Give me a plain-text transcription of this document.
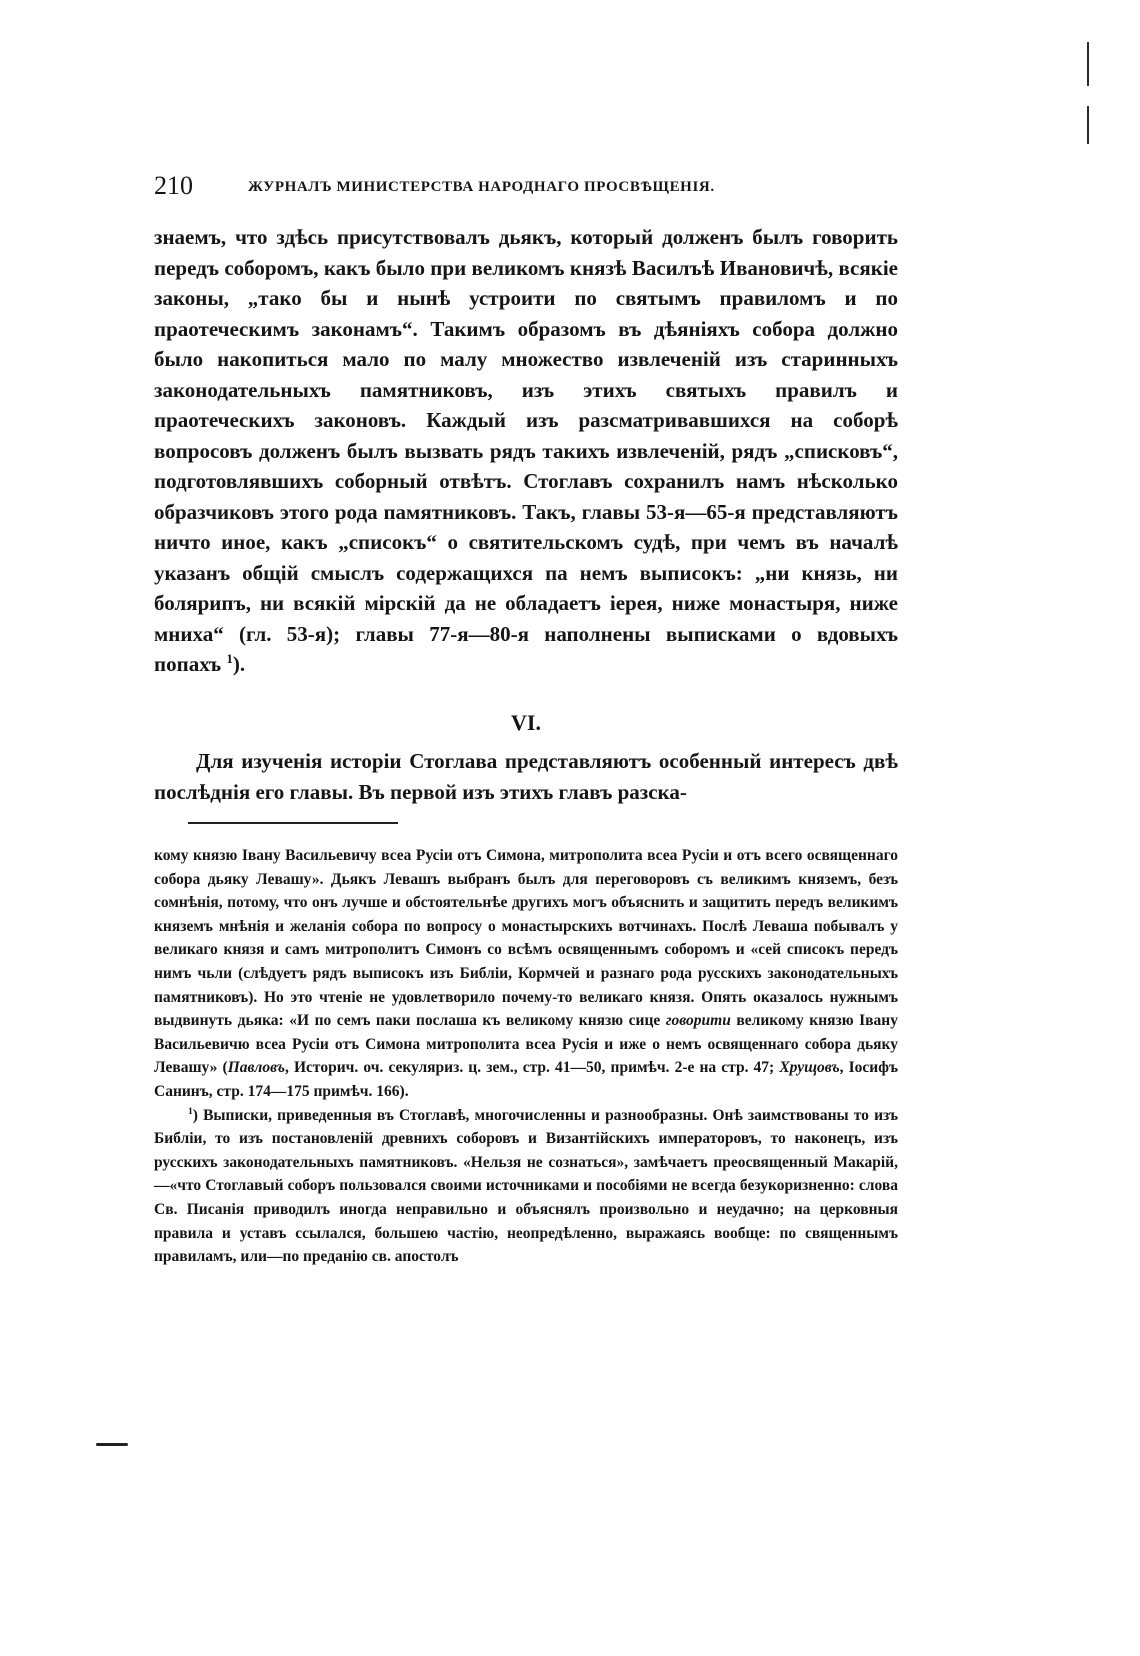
210	ЖУРНАЛЪ МИНИСТЕРСТВА НАРОДНАГО ПРОСВѢЩЕНІЯ.

знаемъ, что здѣсь присутствовалъ дьякъ, который долженъ былъ говорить передъ соборомъ, какъ было при великомъ князѣ Василъѣ Ивановичѣ, всякіе законы, „тако бы и нынѣ устроити по святымъ правиломъ и по праотеческимъ законамъ“. Такимъ образомъ въ дѣяніяхъ собора должно было накопиться мало по малу множество извлеченій изъ старинныхъ законодательныхъ памятниковъ, изъ этихъ святыхъ правилъ и праотеческихъ законовъ. Каждый изъ разсматривавшихся на соборѣ вопросовъ долженъ былъ вызвать рядъ такихъ извлеченій, рядъ „списковъ“, подготовлявшихъ соборный отвѣтъ. Стоглавъ сохранилъ намъ нѣсколько образчиковъ этого рода памятниковъ. Такъ, главы 53-я—65-я представляютъ ничто иное, какъ „списокъ“ о святительскомъ судѣ, при чемъ въ началѣ указанъ общій смыслъ содержащихся па немъ выписокъ: „ни князь, ни болярипъ, ни всякій мірскій да не обладаетъ іерея, ниже монастыря, ниже мниха“ (гл. 53-я); главы 77-я—80-я наполнены выписками о вдовыхъ попахъ $^1$).

VI.

Для изученія исторіи Стоглава представляютъ особенный интересъ двѣ послѣднія его главы. Въ первой изъ этихъ главъ разска-

кому князю Івану Васильевичу всеа Русіи отъ Симона, митрополита всеа Русіи и отъ всего освященнаго собора дьяку Левашу». Дьякъ Левашъ выбранъ былъ для переговоровъ съ великимъ княземъ, безъ сомнѣнія, потому, что онъ лучше и обстоятельнѣе другихъ могъ объяснить и защитить передъ великимъ княземъ мнѣнія и желанія собора по вопросу о монастырскихъ вотчинахъ. Послѣ Леваша побывалъ у великаго князя и самъ митрополитъ Симонъ со всѣмъ освященнымъ соборомъ и «сей списокъ передъ нимъ чьли (слѣдуетъ рядъ выписокъ изъ Библіи, Кормчей и разнаго рода русскихъ законодательныхъ памятниковъ). Но это чтеніе не удовлетворило почему-то великаго князя. Опять оказалось нужнымъ выдвинуть дьяка: «И по семъ паки послаша къ великому князю сице говорити великому князю Івану Васильевичю всеа Русіи отъ Симона митрополита всеа Русія и иже о немъ освященнаго собора дьяку Левашу» (Павловъ, Историч. оч. секуляриз. ц. зем., стр. 41—50, примѣч. 2-е на стр. 47; Хрущовъ, Іосифъ Санинъ, стр. 174—175 примѣч. 166).

$^1$) Выписки, приведенныя въ Стоглавѣ, многочисленны и разнообразны. Онѣ заимствованы то изъ Библіи, то изъ постановленій древнихъ соборовъ и Византійскихъ императоровъ, то наконецъ, изъ русскихъ законодательныхъ памятниковъ. «Нельзя не сознаться», замѣчаетъ преосвященный Макарій,—«что Стоглавый соборъ пользовался своими источниками и пособіями не всегда безукоризненно: слова Св. Писанія приводилъ иногда неправильно и объяснялъ произвольно и неудачно; на церковныя правила и уставъ ссылался, большею частію, неопредѣленно, выражаясь вообще: по священнымъ правиламъ, или—по преданію св. апостолъ
